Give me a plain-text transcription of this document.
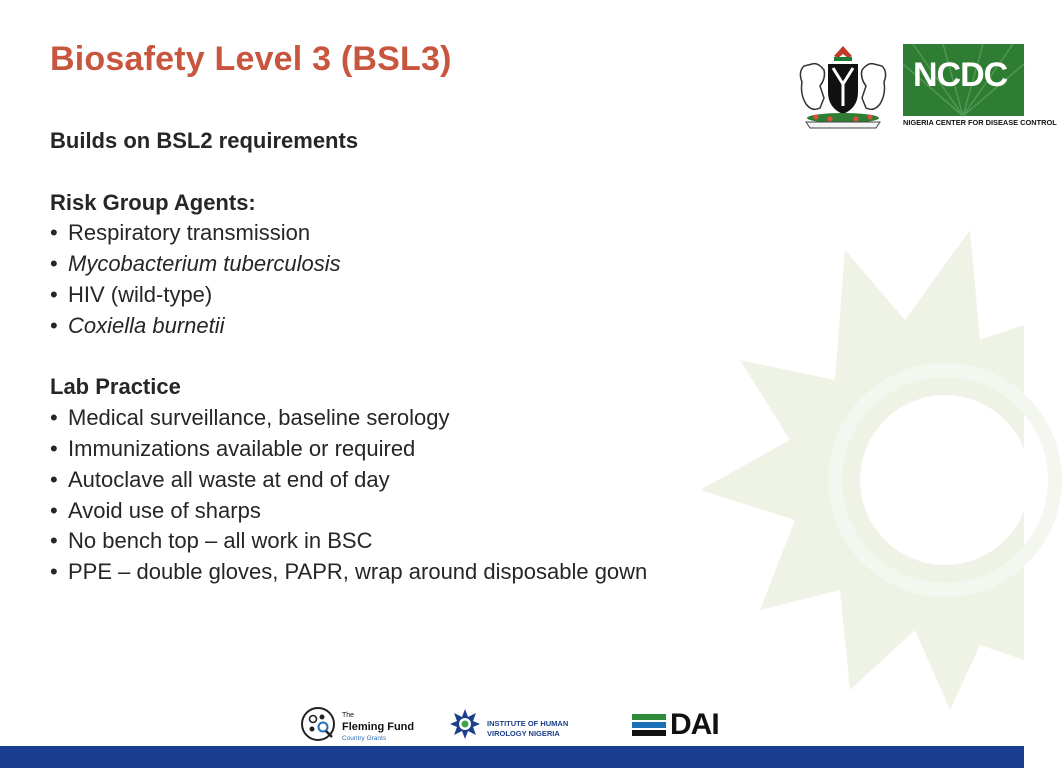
Biosafety Level 3 (BSL3)
Builds on BSL2 requirements
Risk Group Agents:
• Respiratory transmission
• Mycobacterium tuberculosis
• HIV (wild-type)
• Coxiella burnetii
Lab Practice
• Medical surveillance, baseline serology
• Immunizations available or required
• Autoclave all waste at end of day
• Avoid use of sharps
• No bench top – all work in BSC
• PPE – double gloves, PAPR, wrap around disposable gown
NCDC
NIGERIA CENTER FOR DISEASE CONTROL
The
Fleming Fund
Country Grants
INSTITUTE OF HUMAN
VIROLOGY NIGERIA	DAI
